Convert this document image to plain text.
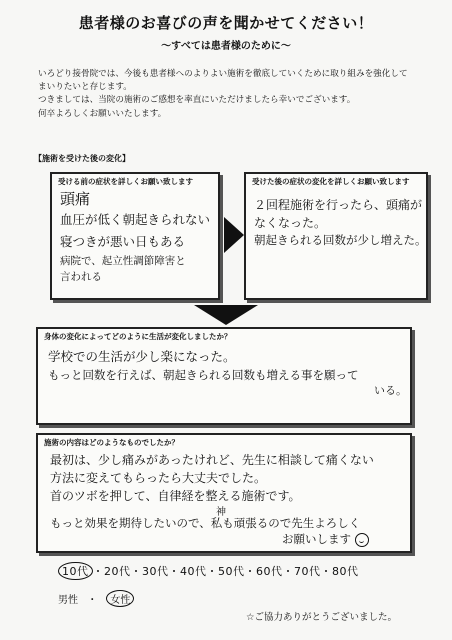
患者様のお喜びの声を聞かせてください！
～すべては患者様のために～
いろどり接骨院では、今後も患者様へのよりよい施術を徹底していくために取り組みを強化して
まいりたいと存じます。
つきましては、当院の施術のご感想を率直にいただけましたら幸いでございます。
何卒よろしくお願いいたします。
【施術を受けた後の変化】
受ける前の症状を詳しくお願い致します
頭痛
血圧が低く朝起きられない
寝つきが悪い日もある
病院で、起立性調節障害と
言われる
受けた後の症状の変化を詳しくお願い致します
２回程施術を行ったら、頭痛が
なくなった。
朝起きられる回数が少し増えた。
身体の変化によってどのように生活が変化しましたか？
学校での生活が少し楽になった。
もっと回数を行えば、朝起きられる回数も増える事を願って
いる。
施術の内容はどのようなものでしたか？
最初は、少し痛みがあったけれど、先生に相談して痛くない
方法に変えてもらったら大丈夫でした。
首のツボを押して、自律経を整える施術です。
神
もっと効果を期待したいので、私も頑張るので先生よろしく
お願いします
10代 ・20代・30代・40代・50代・60代・70代・80代
男性 ・ 女性
☆ご協力ありがとうございました。
